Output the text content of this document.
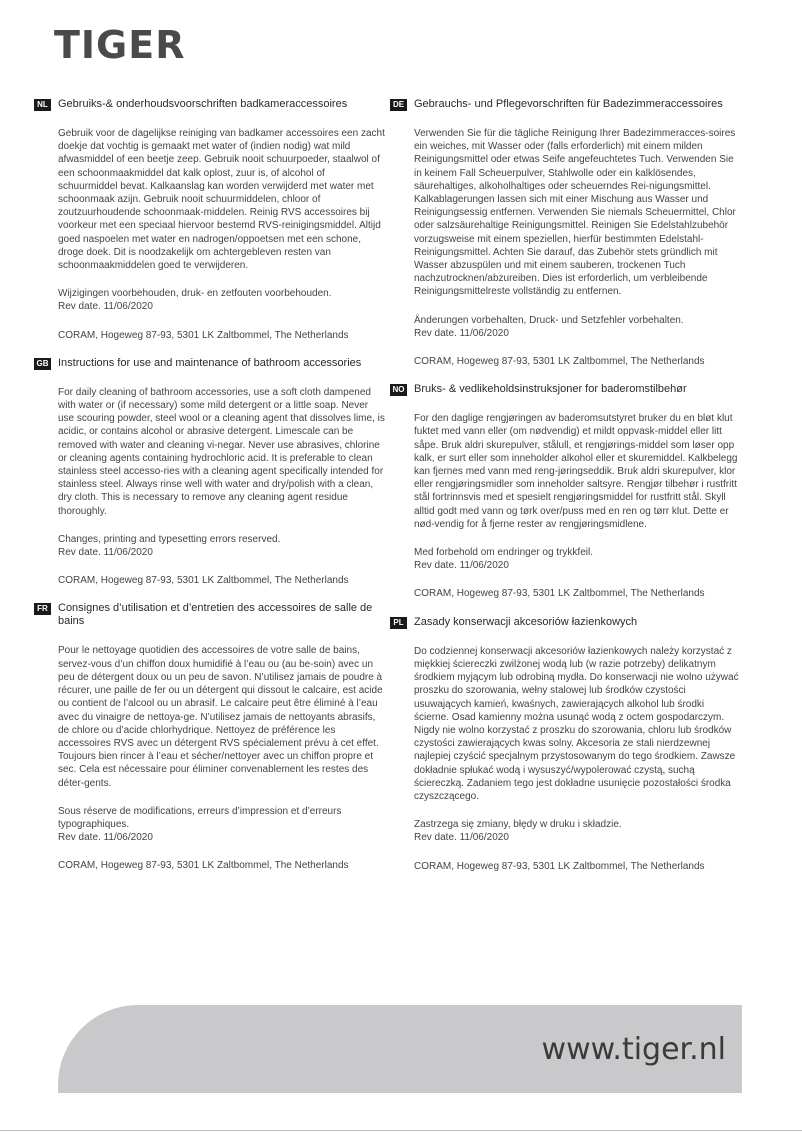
TIGER
NL Gebruiks-& onderhoudsvoorschriften badkameraccessoires

Gebruik voor de dagelijkse reiniging van badkamer accessoires een zacht doekje dat vochtig is gemaakt met water of (indien nodig) wat mild afwasmiddel of een beetje zeep. Gebruik nooit schuurpoeder, staalwol of een schoonmaakmiddel dat kalk oplost, zuur is, of alcohol of schuurmiddel bevat. Kalkaanslag kan worden verwijderd met water met schoonmaak azijn. Gebruik nooit schuurmiddelen, chloor of zoutzuurhoudende schoonmaak-middelen. Reinig RVS accessoires bij voorkeur met een speciaal hiervoor bestemd RVS-reinigingsmiddel. Altijd goed naspoelen met water en nadrogen/oppoetsen met een schone, droge doek. Dit is noodzakelijk om achtergebleven resten van schoonmaakmiddelen goed te verwijderen.

Wijzigingen voorbehouden, druk- en zetfouten voorbehouden.

Rev date. 11/06/2020

CORAM, Hogeweg 87-93, 5301 LK Zaltbommel, The Netherlands

GB Instructions for use and maintenance of bathroom accessories

For daily cleaning of bathroom accessories, use a soft cloth dampened with water or (if necessary) some mild detergent or a little soap. Never use scouring powder, steel wool or a cleaning agent that dissolves lime, is acidic, or contains alcohol or abrasive detergent. Limescale can be removed with water and cleaning vi-negar. Never use abrasives, chlorine or cleaning agents containing hydrochloric acid. It is preferable to clean stainless steel accesso-ries with a cleaning agent specifically intended for stainless steel. Always rinse well with water and dry/polish with a clean, dry cloth. This is necessary to remove any cleaning agent residue thoroughly.

Changes, printing and typesetting errors reserved.

Rev date. 11/06/2020

CORAM, Hogeweg 87-93, 5301 LK Zaltbommel, The Netherlands

FR Consignes d’utilisation et d’entretien des accessoires de salle de bains

Pour le nettoyage quotidien des accessoires de votre salle de bains, servez-vous d’un chiffon doux humidifié à l’eau ou (au be-soin) avec un peu de détergent doux ou un peu de savon. N’utilisez jamais de poudre à récurer, une paille de fer ou un détergent qui dissout le calcaire, est acide ou contient de l’alcool ou un abrasif. Le calcaire peut être éliminé à l’eau avec du vinaigre de nettoya-ge. N’utilisez jamais de nettoyants abrasifs, de chlore ou d’acide chlorhydrique. Nettoyez de préférence les accessoires RVS avec un détergent RVS spécialement prévu à cet effet. Toujours bien rincer à l’eau et sécher/nettoyer avec un chiffon propre et sec. Cela est nécessaire pour éliminer convenablement les restes des déter-gents.

Sous réserve de modifications, erreurs d’impression et d’erreurs typographiques.

Rev date. 11/06/2020

CORAM, Hogeweg 87-93, 5301 LK Zaltbommel, The Netherlands

DE Gebrauchs- und Pflegevorschriften für Badezimmeraccessoires

Verwenden Sie für die tägliche Reinigung Ihrer Badezimmeracces-soires ein weiches, mit Wasser oder (falls erforderlich) mit einem milden Reinigungsmittel oder etwas Seife angefeuchtetes Tuch. Verwenden Sie in keinem Fall Scheuerpulver, Stahlwolle oder ein kalklösendes, säurehaltiges, alkoholhaltiges oder scheuerndes Rei-nigungsmittel. Kalkablagerungen lassen sich mit einer Mischung aus Wasser und Reinigungsessig entfernen. Verwenden Sie niemals Scheuermittel, Chlor oder salzsäurehaltige Reinigungsmittel. Reinigen Sie Edelstahlzubehör vorzugsweise mit einem speziellen, hierfür bestimmten Edelstahl-Reinigungsmittel. Achten Sie darauf, das Zubehör stets gründlich mit Wasser abzuspülen und mit einem sauberen, trockenen Tuch nachzutrocknen/abzureiben. Dies ist erforderlich, um verbleibende Reinigungsmittelreste vollständig zu entfernen.

Änderungen vorbehalten, Druck- und Setzfehler vorbehalten.

Rev date. 11/06/2020

CORAM, Hogeweg 87-93, 5301 LK Zaltbommel, The Netherlands

NO Bruks- & vedlikeholdsinstruksjoner for baderomstilbehør

For den daglige rengjøringen av baderomsutstyret bruker du en bløt klut fuktet med vann eller (om nødvendig) et mildt oppvask-middel eller litt såpe. Bruk aldri skurepulver, stålull, et rengjørings-middel som løser opp kalk, er surt eller som inneholder alkohol eller et skuremiddel. Kalkbelegg kan fjernes med vann med reng-jøringseddik. Bruk aldri skurepulver, klor eller rengjøringsmidler som inneholder saltsyre. Rengjør tilbehør i rustfritt stål fortrinnsvis med et spesielt rengjøringsmiddel for rustfritt stål. Skyll alltid godt med vann og tørk over/puss med en ren og tørr klut. Dette er nød-vendig for å fjerne rester av rengjøringsmidlene.

Med forbehold om endringer og trykkfeil.

Rev date. 11/06/2020

CORAM, Hogeweg 87-93, 5301 LK Zaltbommel, The Netherlands

PL Zasady konserwacji akcesoriów łazienkowych

Do codziennej konserwacji akcesoriów łazienkowych należy korzystać z miękkiej ściereczki zwilżonej wodą lub (w razie potrzeby) delikatnym środkiem myjącym lub odrobiną mydła. Do konserwacji nie wolno używać proszku do szorowania, wełny stalowej lub środków czystości usuwających kamień, kwaśnych, zawierających alkohol lub środki ścierne. Osad kamienny można usunąć wodą z octem gospodarczym. Nigdy nie wolno korzystać z proszku do szorowania, chloru lub środków czystości zawierających kwas solny. Akcesoria ze stali nierdzewnej najlepiej czyścić specjalnym przystosowanym do tego środkiem. Zawsze dokładnie spłukać wodą i wysuszyć/wypolerować czystą, suchą ściereczką. Zadaniem tego jest dokładne usunięcie pozostałości środka czyszczącego.

Zastrzega się zmiany, błędy w druku i składzie.

Rev date. 11/06/2020

CORAM, Hogeweg 87-93, 5301 LK Zaltbommel, The Netherlands

www.tiger.nl
